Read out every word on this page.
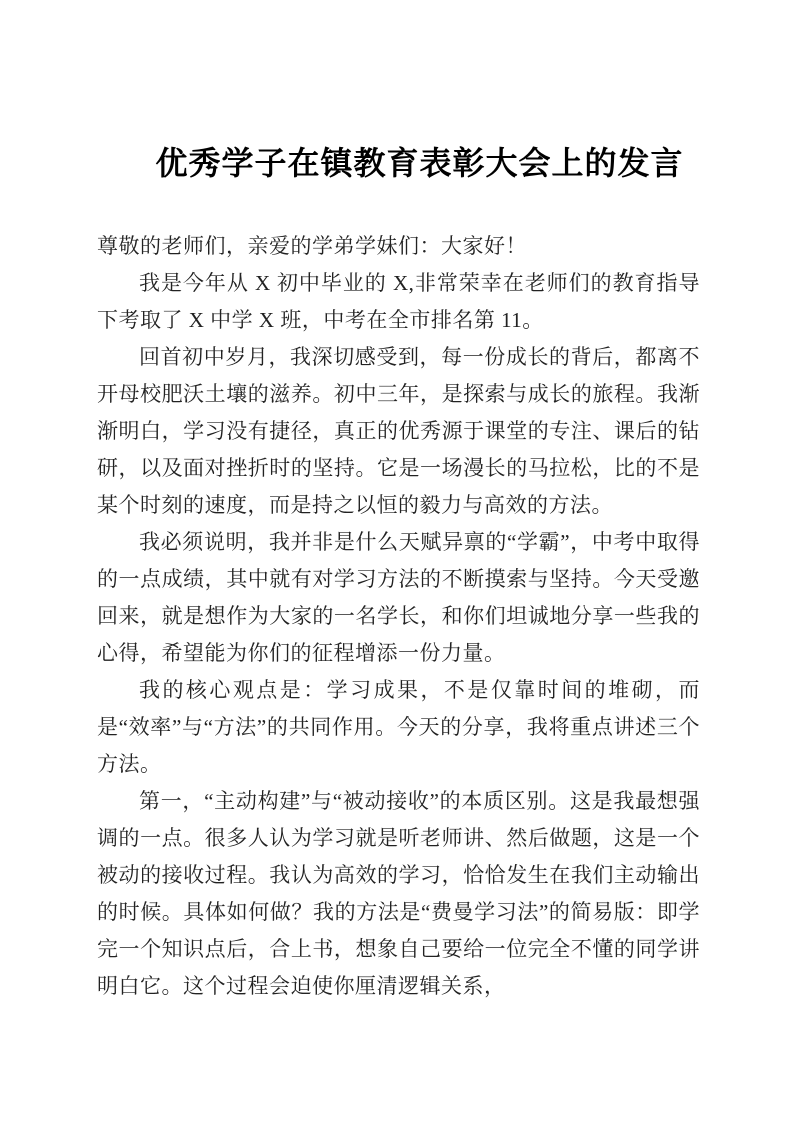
优秀学子在镇教育表彰大会上的发言

尊敬的老师们，亲爱的学弟学妹们：大家好！

我是今年从 X 初中毕业的 X,非常荣幸在老师们的教育指导下考取了 X 中学 X 班，中考在全市排名第 11。

回首初中岁月，我深切感受到，每一份成长的背后，都离不开母校肥沃土壤的滋养。初中三年，是探索与成长的旅程。我渐渐明白，学习没有捷径，真正的优秀源于课堂的专注、课后的钻研，以及面对挫折时的坚持。它是一场漫长的马拉松，比的不是某个时刻的速度，而是持之以恒的毅力与高效的方法。

我必须说明，我并非是什么天赋异禀的“学霸”，中考中取得的一点成绩，其中就有对学习方法的不断摸索与坚持。今天受邀回来，就是想作为大家的一名学长，和你们坦诚地分享一些我的心得，希望能为你们的征程增添一份力量。

我的核心观点是：学习成果，不是仅靠时间的堆砌，而是“效率”与“方法”的共同作用。今天的分享，我将重点讲述三个方法。

第一，“主动构建”与“被动接收”的本质区别。这是我最想强调的一点。很多人认为学习就是听老师讲、然后做题，这是一个被动的接收过程。我认为高效的学习，恰恰发生在我们主动输出的时候。具体如何做？我的方法是“费曼学习法”的简易版：即学完一个知识点后，合上书，想象自己要给一位完全不懂的同学讲明白它。这个过程会迫使你厘清逻辑关系，
